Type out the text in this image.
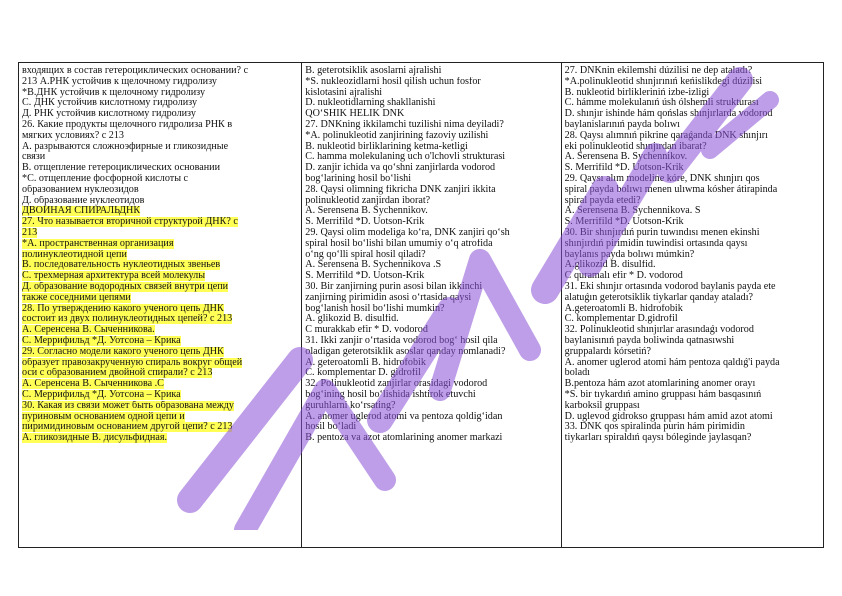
входящих в состав гетероциклических основании? с
213 А.РНК устойчив к щелочному гидролизу
*В.ДНК устойчив к щелочному гидролизу
С. ДНК устойчив кислотному гидролизу
Д. РНК устойчив кислотному гидролизу
26. Какие продукты щелочного гидролиза РНК в
мягких условиях? с 213
А. разрывaются сложноэфирные и гликозидные
связи
В. отщепление гетероциклических основании
*С. отщепление фосфорной кислоты с
образованием нуклеозидов
Д. образование нуклеотидов
ДВОЙНАЯ СПИРАЛЬДНК
27. Что называется вторичной структурой ДНК? с
213
*А. пространственная организация
полинуклеотидной цепи
В. последовательность нуклеотидных звеньев
С. трехмерная архитектура всей молекулы
Д. образование водородных связей внутри цепи
также соседними цепями
28. По утверждению какого ученого цепь ДНК
состоит из двух полинуклеотидных цепей? с 213
А. Серенсена В. Сычeнникова.
С. Меррифильд *Д. Уотсона – Крика
29. Согласно модели какого ученого цепь ДНК
образует правозакрученную спираль вокруг общей
оси с образованием двойной спирали? с 213
А. Серенсена В. Сычeнникова .С
С. Меррифильд *Д. Уотсона – Крика
30. Какая из связи может быть образована между
пуриновым основанием одной цепи и
пиримидиновым основанием другой цепи? с 213
А. гликозидные В. дисульфидная.
B. geterotsiklik asoslarni ajralishi
*S. nukleozidlarni hosil qilish uchun fosfor
kislotasini ajralishi
D. nukleotidlarning shakllanishi
QO‘SHIK HELIK DNK
27. DNKning ikkilamchi tuzilishi nima deyiladi?
*A. polinukleotid zanjirining fazoviy uzilishi
B. nukleotid birliklarining ketma-ketligi
C. hamma molekulaning uch o'lchovli strukturasi
D. zanjir ichida va qo‘shni zanjirlarda vodorod
bog‘larining hosil bo‘lishi
28. Qaysi olimning fikricha DNK zanjiri ikkita
polinukleotid zanjirdan iborat?
A. Serensena B. Sychennikov.
S. Merrifild *D. Uotson-Krik
29. Qaysi olim modeliga ko‘ra, DNK zanjiri qo‘sh
spiral hosil bo‘lishi bilan umumiy o‘q atrofida
o‘ng qo‘lli spiral hosil qiladi?
A. Serensena B. Sychennikova .S
S. Merrifild *D. Uotson-Krik
30. Bir zanjirning purin asosi bilan ikkinchi
zanjirning pirimidin asosi o‘rtasida qaysi
bog‘lanish hosil bo‘lishi mumkin?
A. glikozid B. disulfid.
C murakkab efir * D. vodorod
31. Ikki zanjir o‘rtasida vodorod bog‘ hosil qila
oladigan geterotsiklik asoslar qanday nomlanadi?
A. geteroatomli B. hidrofobik
C. komplementar D. gidrofil
32. Polinukleotid zanjirlar orasidagi vodorod
bog‘ining hosil bo‘lishida ishtirok etuvchi
guruhlarni ko‘rsating?
A. anomer uglerod atomi va pentoza qoldig‘idan
hosil bo‘ladi
B. pentoza va azot atomlarining anomer markazi
27. DNKnin ekilemshi dúzilisi ne dep ataladı?
*A.polinukleotid shınjırınıń keńislikdegi dúzilisi
B. nukleotid birlikleriniń izbe-izligi
C. hámme molekulanıń úsh ólshemli strukturası
D. shınjır ishinde hám qońslas shınjırlarda vodorod
baylanislarınıń payda bolıwı
28. Qaysı alımnıń pikrine qaraǵanda DNK shınjırı
eki polinukleotid shınjırdan ibarat?
A. Serensena B. Sychennikov.
S. Merrifild *D. Uotson-Krik
29. Qaysı alım modeline kóre, DNK shınjırı qos
spiral payda bolıwı menen ulıwma kósher átirapinda
spiral payda etedi?
A. Serensena B. Sychennikova. S
S. Merrifild *D. Uotson-Krik
30. Bir shınjırdıń purin tuwındısı menen ekinshi
shınjırdıń pirimidin tuwindisi ortasında qaysı
baylanıs payda bolıwı múmkin?
A.glikozid B. disulfid.
C quramalı efir * D. vodorod
31. Eki shınjır ortasında vodorod baylanis payda ete
alatuǵın geterotsiklik tiykarlar qanday ataladı?
A.geteroatomli B. hidrofobik
C. komplementar D.gidrofil
32. Polinukleotid shınjırlar arasındaǵı vodorod
baylanisınıń payda boliwinda qatnasıwshi
gruppalardı kórsetiń?
A. anomer uglerod atomi hám pentoza qaldıǵ'i payda
boladı
B.pentoza hám azot atomlarining anomer orayı
*S. bir tıykardıń amino gruppası hám basqasınıń
karboksil gruppası
D. uglevod gidrokso gruppası hám amid azot atomi
33. DNK qos spiralinda purin hám pirimidin
tiykarları spiraldıń qaysı bóleginde jaylasqan?
